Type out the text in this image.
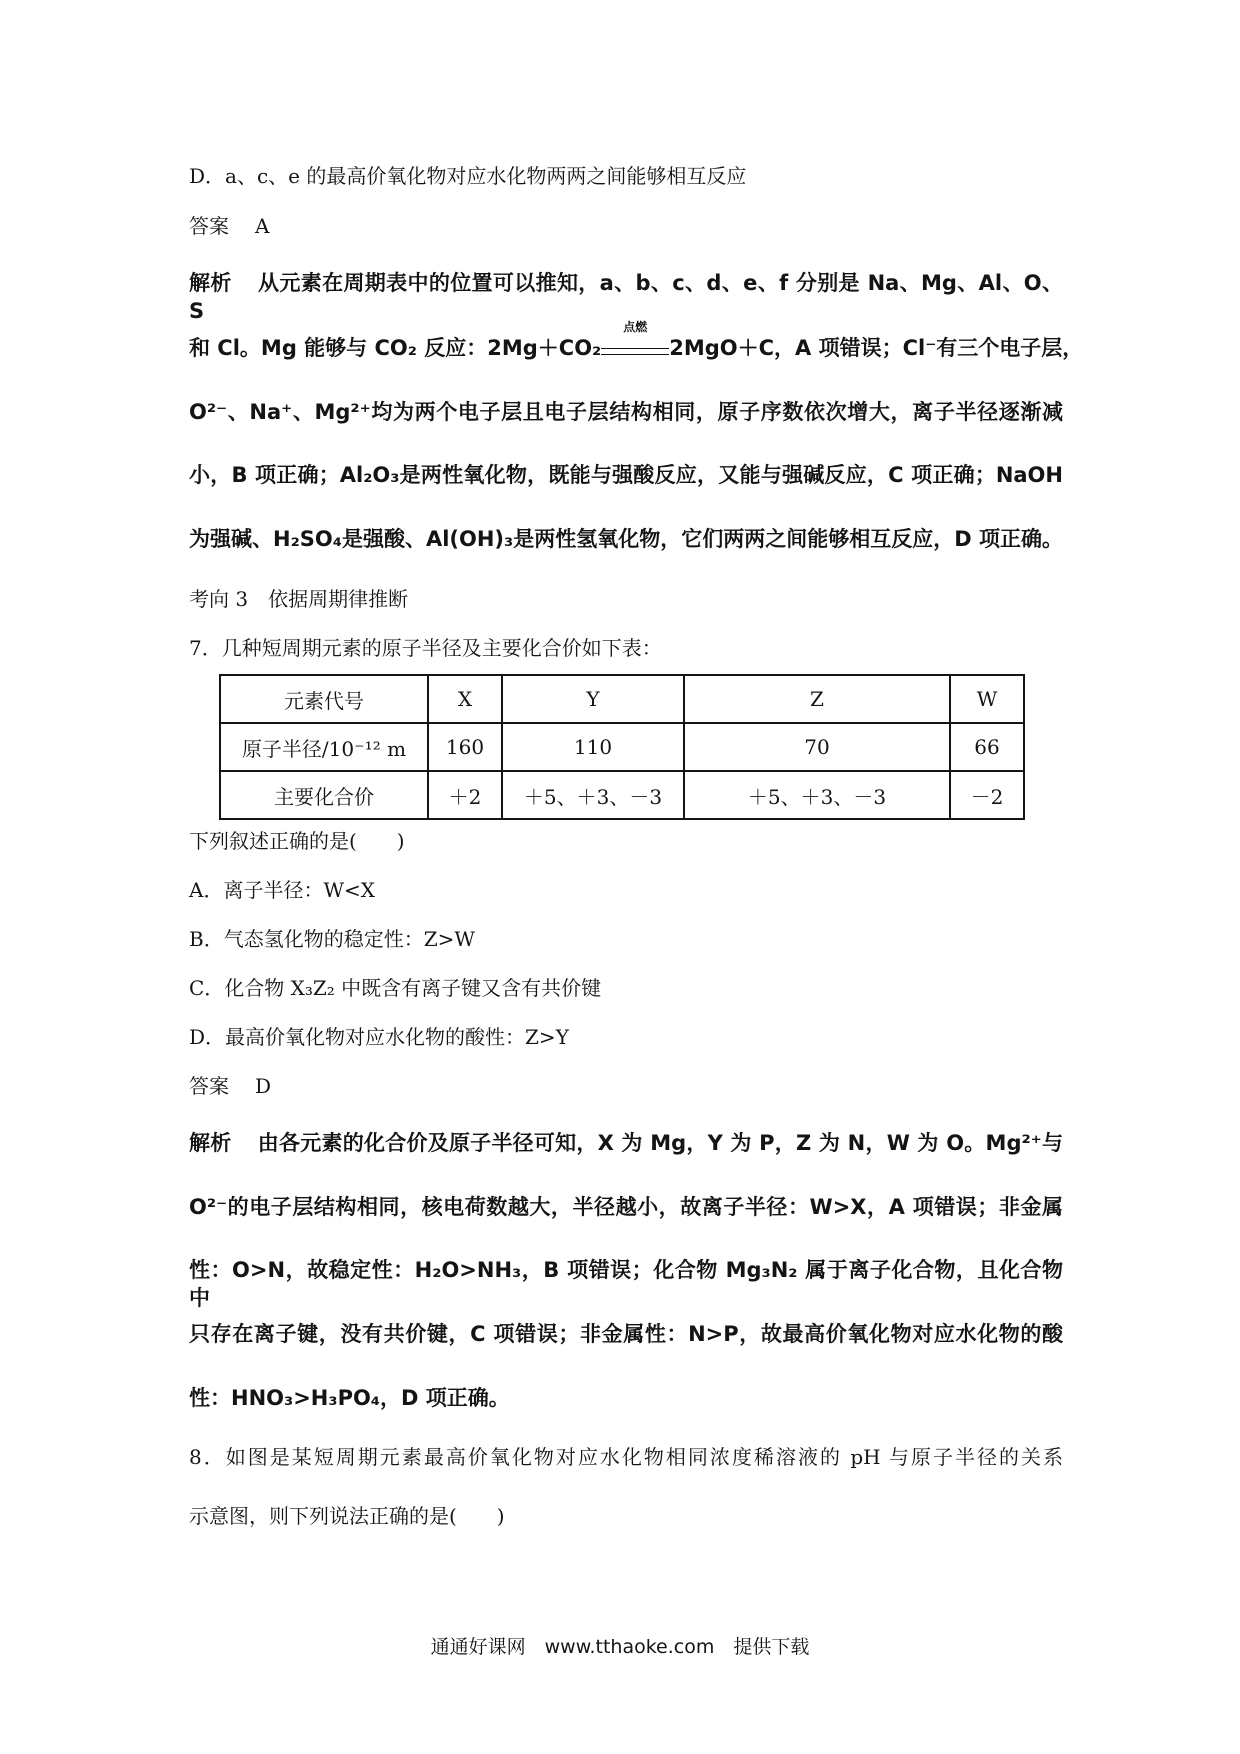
D．a、c、e 的最高价氧化物对应水化物两两之间能够相互反应
答案 A
解析 从元素在周期表中的位置可以推知，a、b、c、d、e、f 分别是 Na、Mg、Al、O、S
和 Cl。Mg 能够与 CO₂ 反应：2Mg＋CO₂
点燃
2MgO＋C，A 项错误；Cl⁻有三个电子层，
O²⁻、Na⁺、Mg²⁺均为两个电子层且电子层结构相同，原子序数依次增大，离子半径逐渐减
小，B 项正确；Al₂O₃是两性氧化物，既能与强酸反应，又能与强碱反应，C 项正确；NaOH
为强碱、H₂SO₄是强酸、Al(OH)₃是两性氢氧化物，它们两两之间能够相互反应，D 项正确。
考向 3　依据周期律推断
7．几种短周期元素的原子半径及主要化合价如下表：
元素代号	X	Y	Z	W
原子半径/10⁻¹² m	160	110	70	66
主要化合价	＋2	＋5、＋3、－3	＋5、＋3、－3	－2
下列叙述正确的是(　　)
A．离子半径：W<X
B．气态氢化物的稳定性：Z>W
C．化合物 X₃Z₂ 中既含有离子键又含有共价键
D．最高价氧化物对应水化物的酸性：Z>Y
答案 D
解析 由各元素的化合价及原子半径可知，X 为 Mg，Y 为 P，Z 为 N，W 为 O。Mg²⁺与
O²⁻的电子层结构相同，核电荷数越大，半径越小，故离子半径：W>X，A 项错误；非金属
性：O>N，故稳定性：H₂O>NH₃，B 项错误；化合物 Mg₃N₂ 属于离子化合物，且化合物中
只存在离子键，没有共价键，C 项错误；非金属性：N>P，故最高价氧化物对应水化物的酸
性：HNO₃>H₃PO₄，D 项正确。
8．如图是某短周期元素最高价氧化物对应水化物相同浓度稀溶液的 pH 与原子半径的关系
示意图，则下列说法正确的是(　　)
通通好课网　www.tthaoke.com　提供下载
